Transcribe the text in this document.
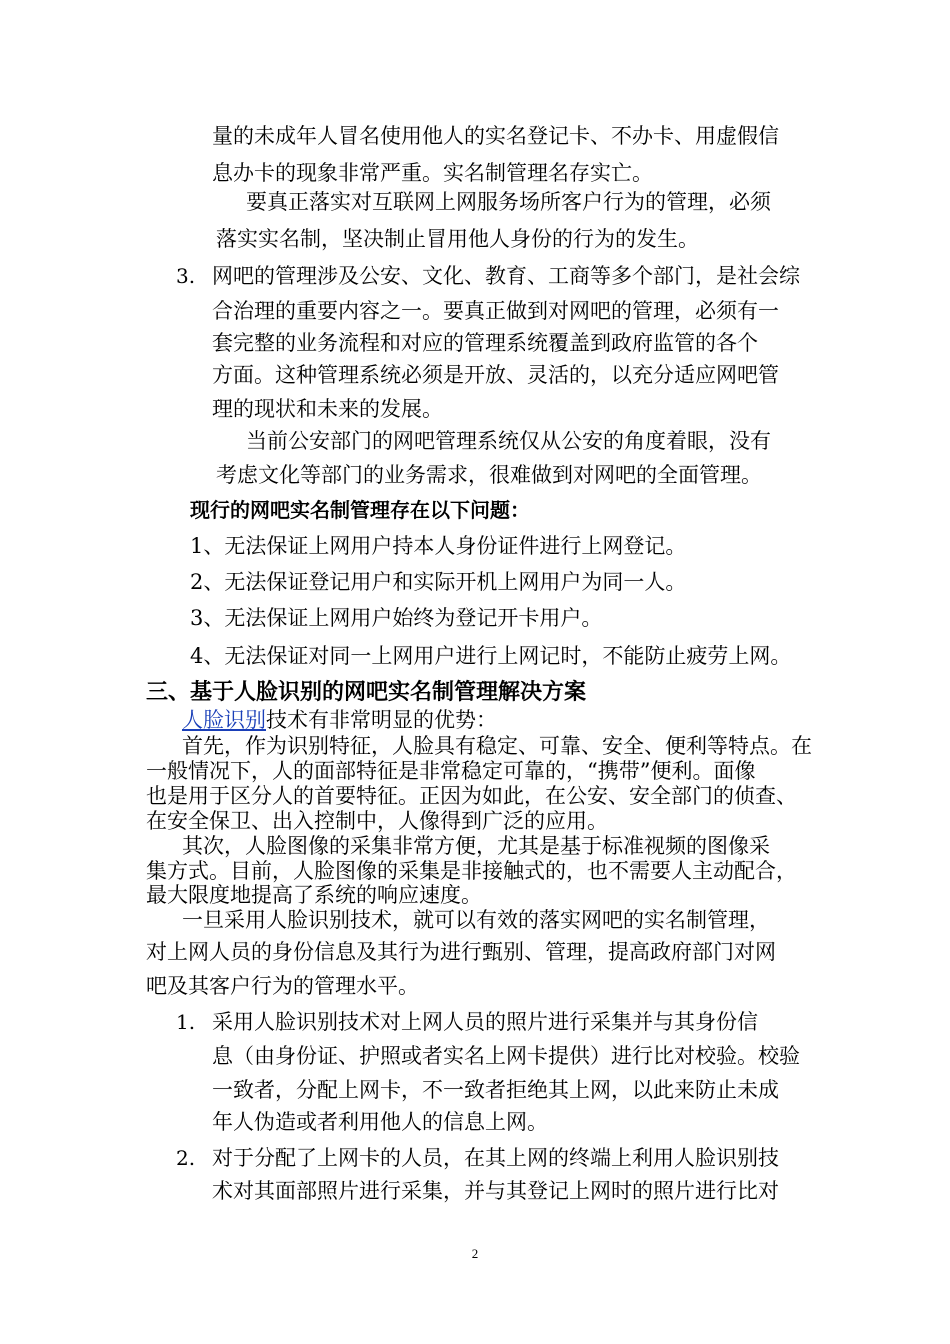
量的未成年人冒名使用他人的实名登记卡、不办卡、用虚假信
息办卡的现象非常严重。实名制管理名存实亡。
要真正落实对互联网上网服务场所客户行为的管理，必须
落实实名制，坚决制止冒用他人身份的行为的发生。
3. 网吧的管理涉及公安、文化、教育、工商等多个部门，是社会综
合治理的重要内容之一。要真正做到对网吧的管理，必须有一
套完整的业务流程和对应的管理系统覆盖到政府监管的各个
方面。这种管理系统必须是开放、灵活的，以充分适应网吧管
理的现状和未来的发展。
当前公安部门的网吧管理系统仅从公安的角度着眼，没有
考虑文化等部门的业务需求，很难做到对网吧的全面管理。
现行的网吧实名制管理存在以下问题：
1、无法保证上网用户持本人身份证件进行上网登记。
2、无法保证登记用户和实际开机上网用户为同一人。
3、无法保证上网用户始终为登记开卡用户。
4、无法保证对同一上网用户进行上网记时，不能防止疲劳上网。
三、基于人脸识别的网吧实名制管理解决方案
人脸识别技术有非常明显的优势：
首先，作为识别特征，人脸具有稳定、可靠、安全、便利等特点。在
一般情况下，人的面部特征是非常稳定可靠的，“携带”便利。面像
也是用于区分人的首要特征。正因为如此，在公安、安全部门的侦查、
在安全保卫、出入控制中，人像得到广泛的应用。
其次，人脸图像的采集非常方便，尤其是基于标准视频的图像采
集方式。目前，人脸图像的采集是非接触式的，也不需要人主动配合，
最大限度地提高了系统的响应速度。
一旦采用人脸识别技术，就可以有效的落实网吧的实名制管理，
对上网人员的身份信息及其行为进行甄别、管理，提高政府部门对网
吧及其客户行为的管理水平。
1. 采用人脸识别技术对上网人员的照片进行采集并与其身份信
息（由身份证、护照或者实名上网卡提供）进行比对校验。校验
一致者，分配上网卡，不一致者拒绝其上网，以此来防止未成
年人伪造或者利用他人的信息上网。
2. 对于分配了上网卡的人员，在其上网的终端上利用人脸识别技
术对其面部照片进行采集，并与其登记上网时的照片进行比对
2
